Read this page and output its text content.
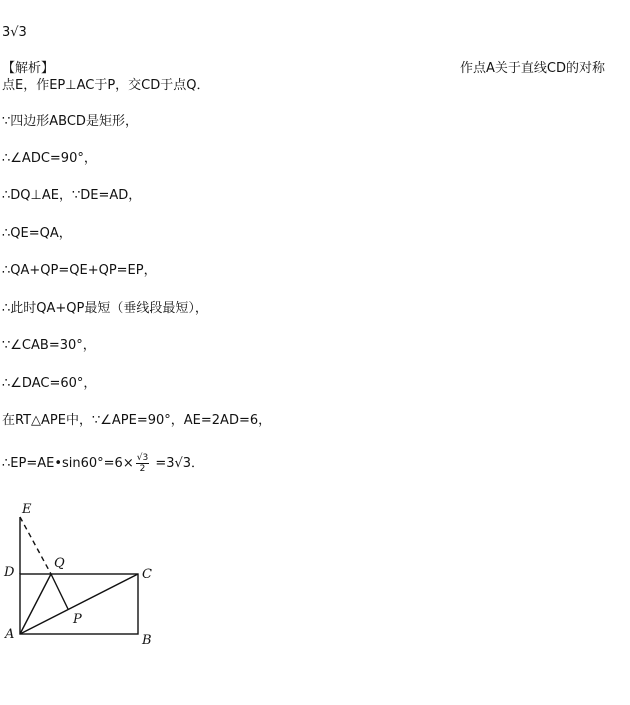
3√3
【解析】	作点A关于直线CD的对称
点E，作EP⊥AC于P，交CD于点Q．
∵四边形ABCD是矩形，
∴∠ADC=90°，
∴DQ⊥AE，∵DE=AD，
∴QE=QA，
∴QA+QP=QE+QP=EP，
∴此时QA+QP最短（垂线段最短），
∵∠CAB=30°，
∴∠DAC=60°，
在RT△APE中，∵∠APE=90°，AE=2AD=6，
∴EP=AE•sin60°=6× $\frac{√3}{2} =3√3$．
E
Q
C
D
P
A	B
